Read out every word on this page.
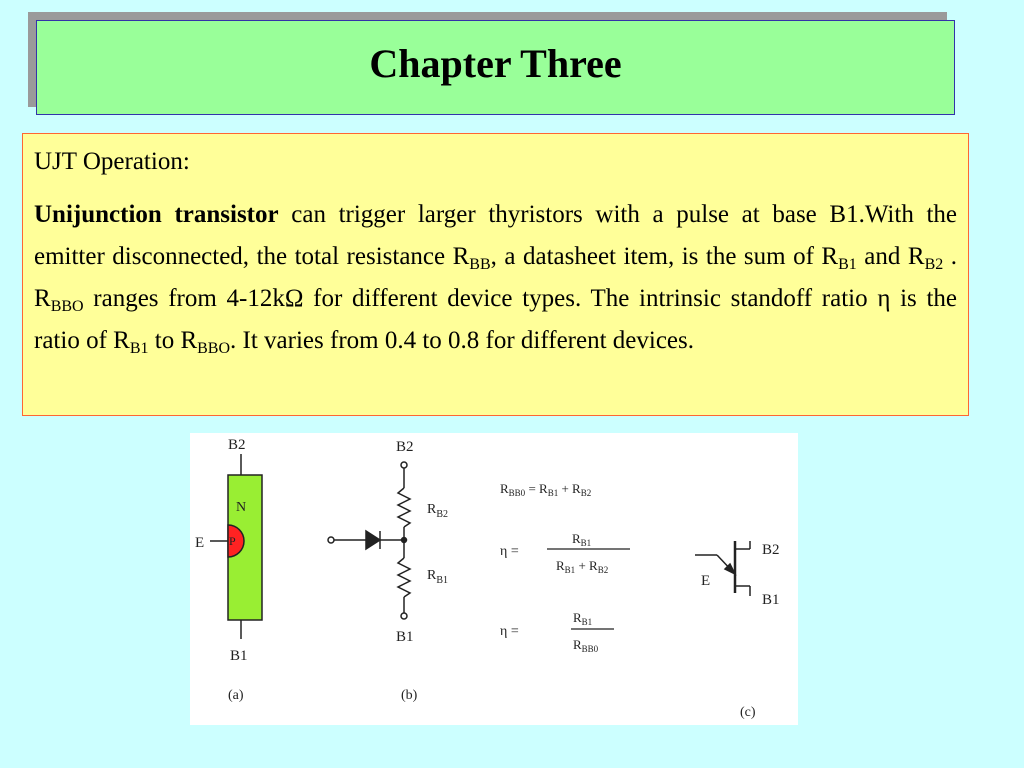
Chapter Three
UJT Operation:
Unijunction transistor can trigger larger thyristors with a pulse at base B1.With the emitter disconnected, the total resistance $R_{BB}$, a datasheet item, is the sum of $R_{B1}$ and $R_{B2}$ . $R_{BBO}$ ranges from 4-12kΩ for different device types. The intrinsic standoff ratio η is the ratio of $R_{B1}$ to $R_{BBO}$. It varies from 0.4 to 0.8 for different devices.
B2
N
P
E
B1
(a)
B2
$R_{B2}$
$R_{B1}$
B1
(b)
$R_{BB0} = R_{B1} + R_{B2}$
η =
$R_{B1}$
$R_{B1} + R_{B2}$
η =
$R_{B1}$
$R_{BB0}$
B2
E
B1
(c)
